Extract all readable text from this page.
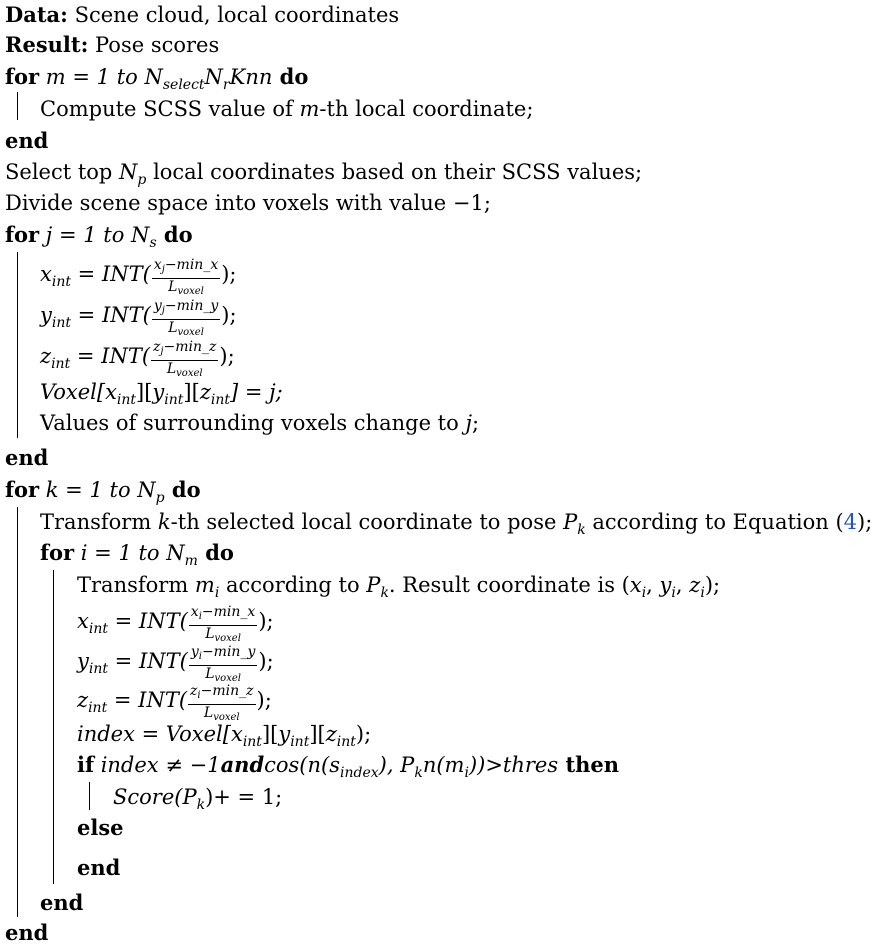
Data: Scene cloud, local coordinates
Result: Pose scores
for m = 1 to $N_{select}N_rKnn$ do
Compute SCSS value of m-th local coordinate;
end
Select top $N_p$ local coordinates based on their SCSS values;
Divide scene space into voxels with value −1;
for j = 1 to $N_s$ do
$x_{int} = INT( \frac{x_j-\min\_x}{L_{voxel}}$ );
$y_{int} = INT( \frac{y_j-\min\_y}{L_{voxel}}$ );
$z_{int} = INT( \frac{z_j-\min\_z}{L_{voxel}}$ );
$Voxel[x_{int}][y_{int}][z_{int}] = j$;
Values of surrounding voxels change to j;
end
for k = 1 to $N_p$ do
Transform k-th selected local coordinate to pose $P_k$ according to Equation (4);
for i = 1 to $N_m$ do
Transform $m_i$ according to $P_k$. Result coordinate is ($x_i$, $y_i$, $z_i$);
$x_{int} = INT( \frac{x_i-\min\_x}{L_{voxel}}$ );
$y_{int} = INT( \frac{y_i-\min\_y}{L_{voxel}}$ );
$z_{int} = INT( \frac{z_i-\min\_z}{L_{voxel}}$ );
index = $Voxel[x_{int}][y_{int}][z_{int})$;
if index ≠ $-1andcos(n(s_{index})$, $P_kn(m_i))>thres$ then
$Score(P_k)+ = 1$;
else
end
end
end
